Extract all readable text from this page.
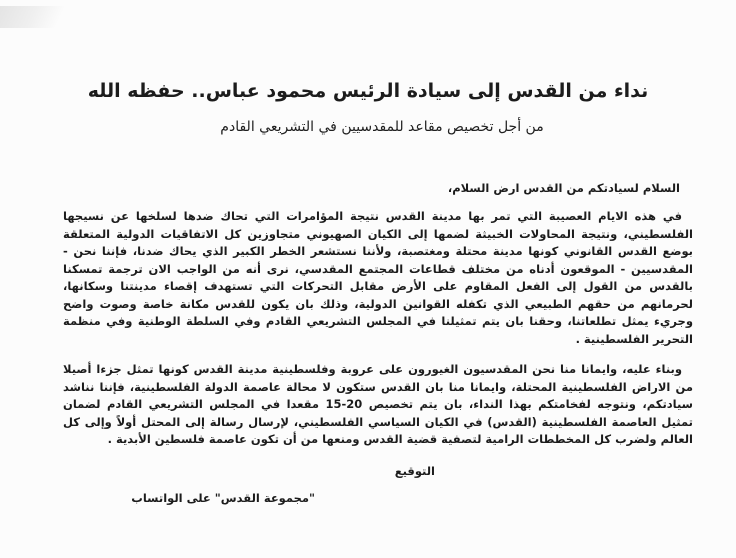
نداء من القدس إلى سيادة الرئيس محمود عباس.. حفظه الله
من أجل تخصيص مقاعد للمقدسيين في التشريعي القادم
السلام لسيادتكم من القدس ارض السلام،

في هذه الايام العصيبة التي تمر بها مدينة القدس نتيجة المؤامرات التي تحاك ضدها لسلخها عن نسيجها الفلسطيني، ونتيجة المحاولات الخبيثة لضمها إلى الكيان الصهيوني متجاوزين كل الاتفاقيات الدولية المتعلقة بوضع القدس القانوني كونها مدينة محتلة ومغتصبة، ولأننا نستشعر الخطر الكبير الذي يحاك ضدنا، فإننا نحن - المقدسيين - الموقعون أدناه من مختلف قطاعات المجتمع المقدسي، نرى أنه من الواجب الان ترجمة تمسكنا بالقدس من القول إلى الفعل المقاوم على الأرض مقابل التحركات التي تستهدف إقصاء مدينتنا وسكانها، لحرمانهم من حقهم الطبيعي الذي تكفله القوانين الدولية، وذلك بان يكون للقدس مكانة خاصة وصوت واضح وجريء يمثل تطلعاتنا، وحقنا بان يتم تمثيلنا في المجلس التشريعي القادم وفي السلطة الوطنية وفي منظمة التحرير الفلسطينية .

وبناء عليه، وايمانا منا نحن المقدسيون الغيورون على عروبة وفلسطينية مدينة القدس كونها تمثل جزءا أصيلا من الاراض الفلسطينية المحتلة، وايمانا منا بان القدس ستكون لا محالة عاصمة الدولة الفلسطينية، فإننا نناشد سيادتكم، ونتوجه لفخامتكم بهذا النداء، بان يتم تخصيص 20-15 مقعدا في المجلس التشريعي القادم لضمان تمثيل العاصمة الفلسطينية (القدس) في الكيان السياسي الفلسطيني، لإرسال رسالة إلى المحتل أولاً وإلى كل العالم ولضرب كل المخططات الرامية لتصفية قضية القدس ومنعها من أن تكون عاصمة فلسطين الأبدية .

التوقيع
"مجموعة القدس" على الواتساب
